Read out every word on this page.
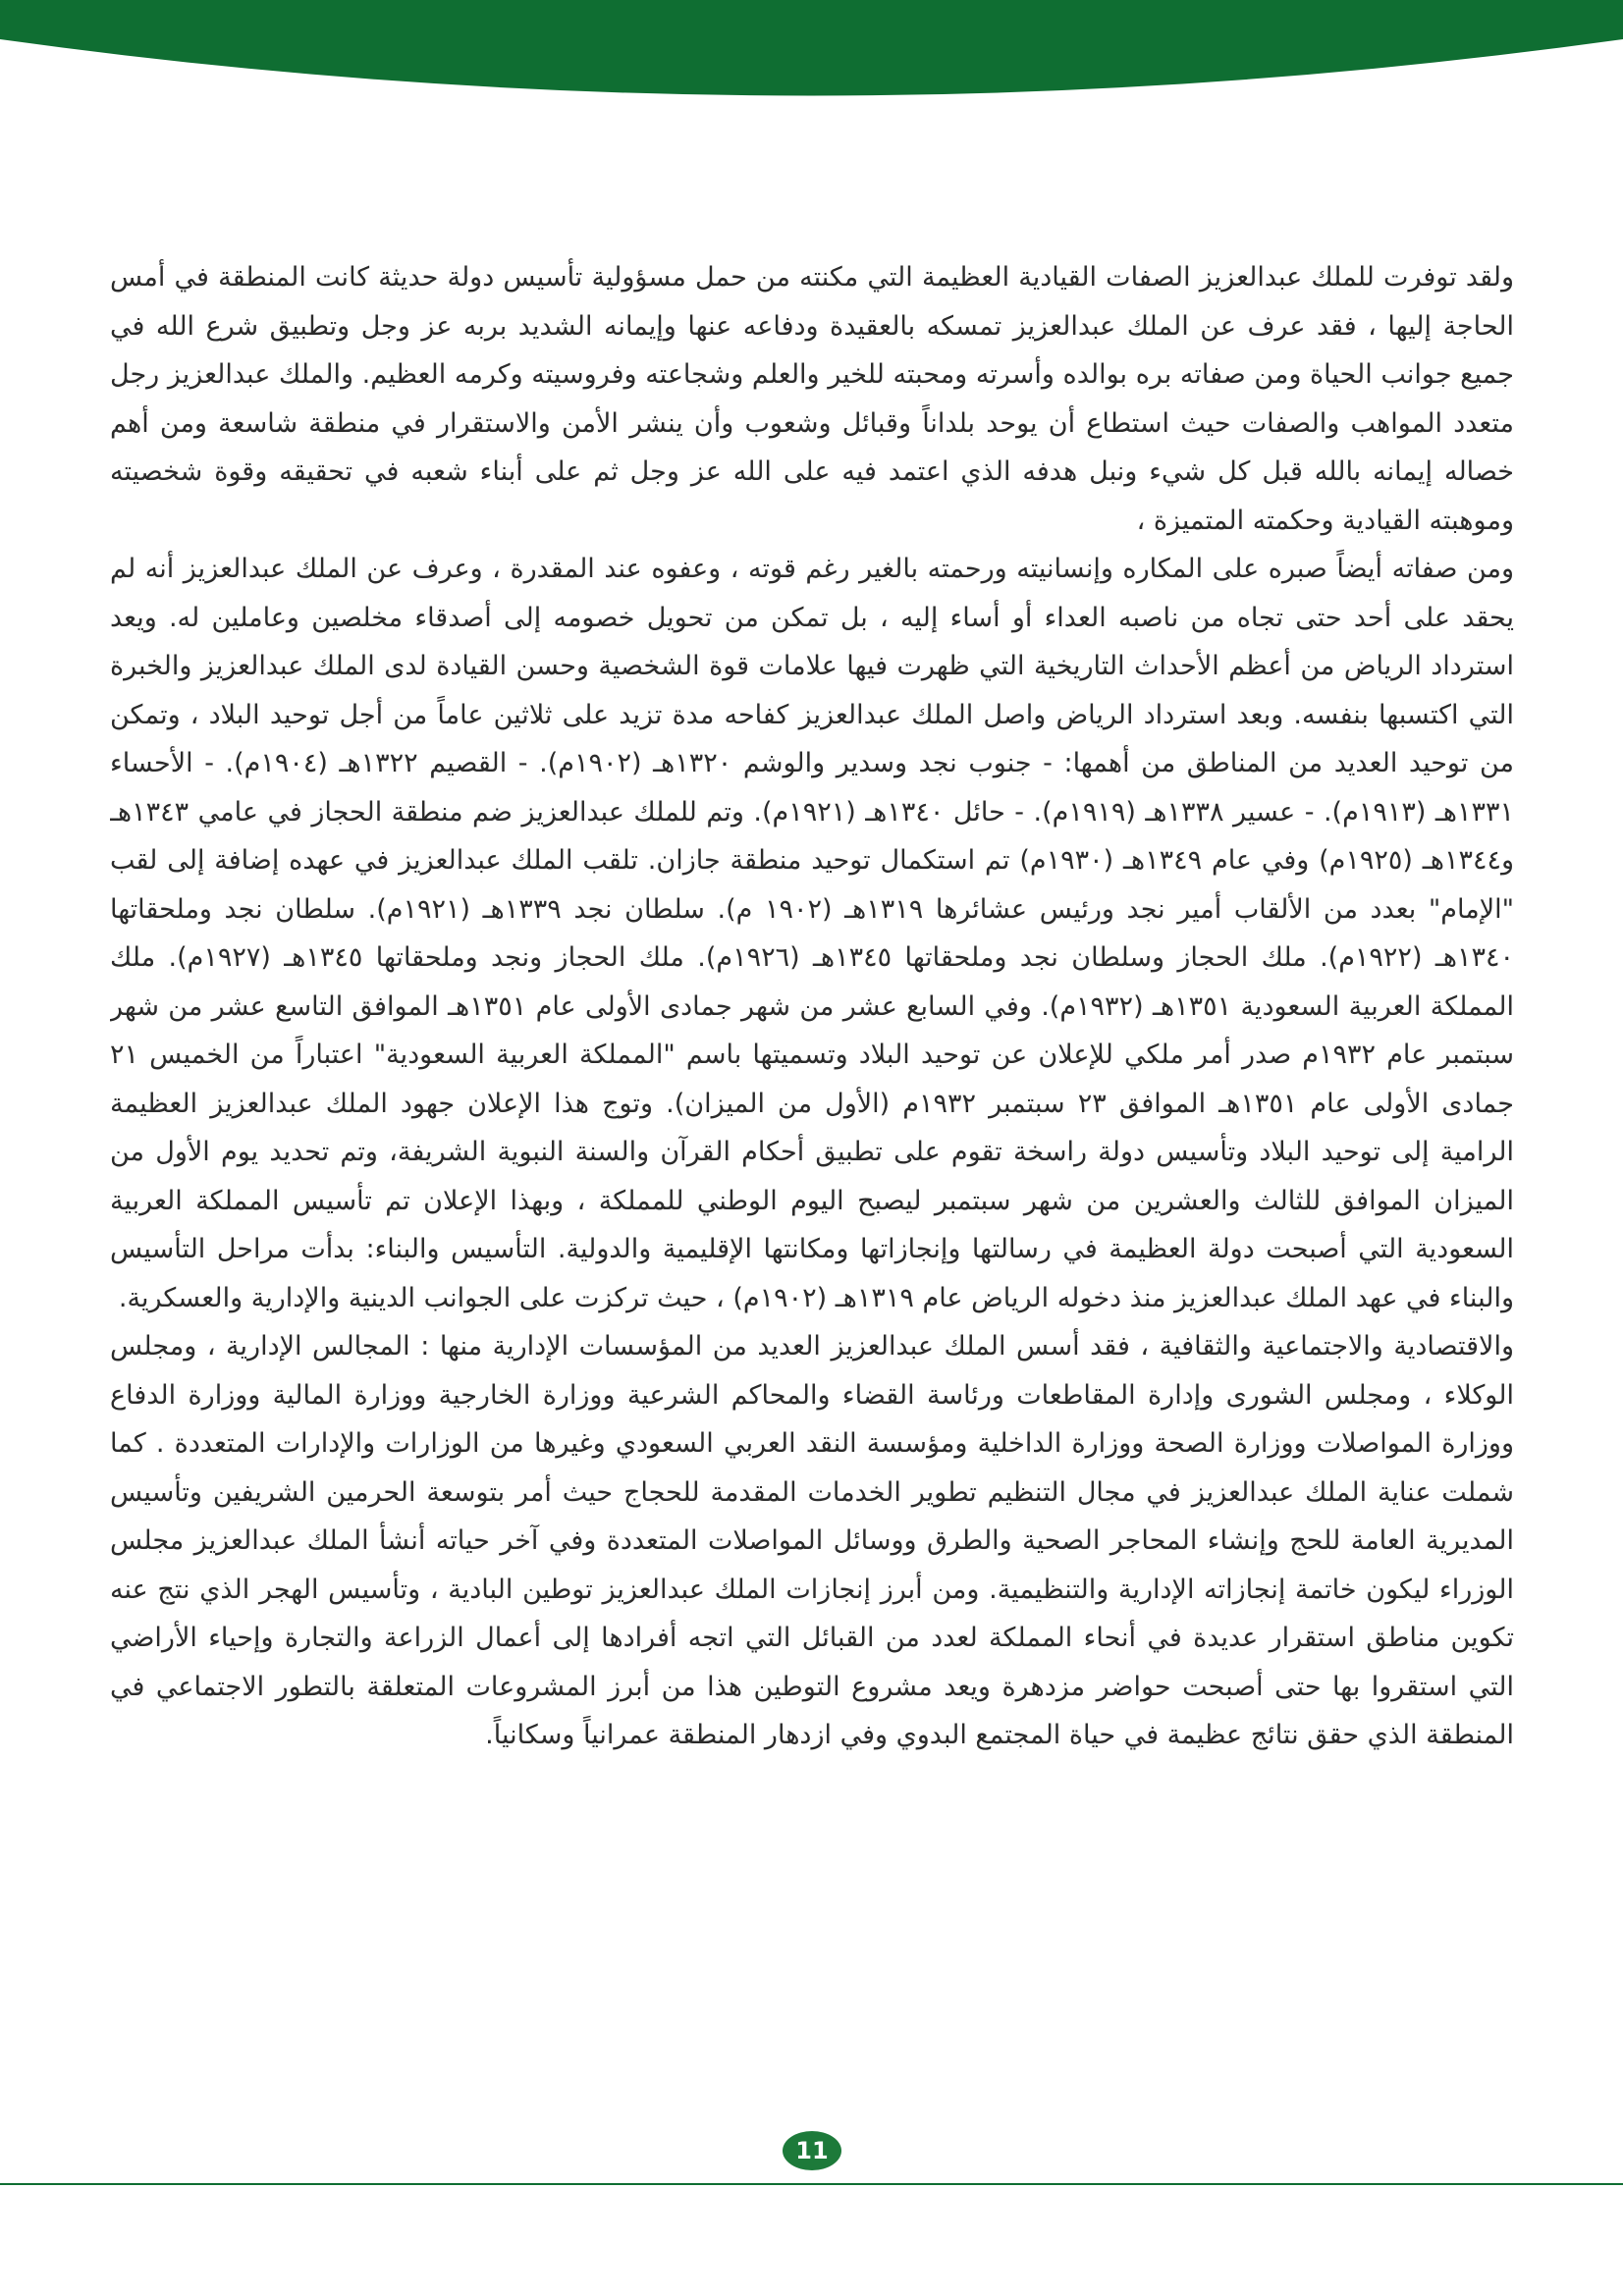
ولقد توفرت للملك عبدالعزيز الصفات القيادية العظيمة التي مكنته من حمل مسؤولية تأسيس دولة حديثة كانت المنطقة في أمس الحاجة إليها ، فقد عرف عن الملك عبدالعزيز تمسكه بالعقيدة ودفاعه عنها وإيمانه الشديد بربه عز وجل وتطبيق شرع الله في جميع جوانب الحياة ومن صفاته بره بوالده وأسرته ومحبته للخير والعلم وشجاعته وفروسيته وكرمه العظيم. والملك عبدالعزيز رجل متعدد المواهب والصفات حيث استطاع أن يوحد بلداناً وقبائل وشعوب وأن ينشر الأمن والاستقرار في منطقة شاسعة ومن أهم خصاله إيمانه بالله قبل كل شيء ونبل هدفه الذي اعتمد فيه على الله عز وجل ثم على أبناء شعبه في تحقيقه وقوة شخصيته وموهبته القيادية وحكمته المتميزة ،

ومن صفاته أيضاً صبره على المكاره وإنسانيته ورحمته بالغير رغم قوته ، وعفوه عند المقدرة ، وعرف عن الملك عبدالعزيز أنه لم يحقد على أحد حتى تجاه من ناصبه العداء أو أساء إليه ، بل تمكن من تحويل خصومه إلى أصدقاء مخلصين وعاملين له. ويعد استرداد الرياض من أعظم الأحداث التاريخية التي ظهرت فيها علامات قوة الشخصية وحسن القيادة لدى الملك عبدالعزيز والخبرة التي اكتسبها بنفسه. وبعد استرداد الرياض واصل الملك عبدالعزيز كفاحه مدة تزيد على ثلاثين عاماً من أجل توحيد البلاد ، وتمكن من توحيد العديد من المناطق من أهمها: - جنوب نجد وسدير والوشم ١٣٢٠هـ (١٩٠٢م). - القصيم ١٣٢٢هـ (١٩٠٤م). - الأحساء ١٣٣١هـ (١٩١٣م). - عسير ١٣٣٨هـ (١٩١٩م). - حائل ١٣٤٠هـ (١٩٢١م). وتم للملك عبدالعزيز ضم منطقة الحجاز في عامي ١٣٤٣هـ و١٣٤٤هـ (١٩٢٥م) وفي عام ١٣٤٩هـ (١٩٣٠م) تم استكمال توحيد منطقة جازان. تلقب الملك عبدالعزيز في عهده إضافة إلى لقب "الإمام" بعدد من الألقاب أمير نجد ورئيس عشائرها ١٣١٩هـ (١٩٠٢ م). سلطان نجد ١٣٣٩هـ (١٩٢١م). سلطان نجد وملحقاتها ١٣٤٠هـ (١٩٢٢م). ملك الحجاز وسلطان نجد وملحقاتها ١٣٤٥هـ (١٩٢٦م). ملك الحجاز ونجد وملحقاتها ١٣٤٥هـ (١٩٢٧م). ملك المملكة العربية السعودية ١٣٥١هـ (١٩٣٢م). وفي السابع عشر من شهر جمادى الأولى عام ١٣٥١هـ الموافق التاسع عشر من شهر سبتمبر عام ١٩٣٢م صدر أمر ملكي للإعلان عن توحيد البلاد وتسميتها باسم "المملكة العربية السعودية" اعتباراً من الخميس ٢١ جمادى الأولى عام ١٣٥١هـ الموافق ٢٣ سبتمبر ١٩٣٢م (الأول من الميزان). وتوج هذا الإعلان جهود الملك عبدالعزيز العظيمة الرامية إلى توحيد البلاد وتأسيس دولة راسخة تقوم على تطبيق أحكام القرآن والسنة النبوية الشريفة، وتم تحديد يوم الأول من الميزان الموافق للثالث والعشرين من شهر سبتمبر ليصبح اليوم الوطني للمملكة ، وبهذا الإعلان تم تأسيس المملكة العربية السعودية التي أصبحت دولة العظيمة في رسالتها وإنجازاتها ومكانتها الإقليمية والدولية. التأسيس والبناء: بدأت مراحل التأسيس والبناء في عهد الملك عبدالعزيز منذ دخوله الرياض عام ١٣١٩هـ (١٩٠٢م) ، حيث تركزت على الجوانب الدينية والإدارية والعسكرية.

والاقتصادية والاجتماعية والثقافية ، فقد أسس الملك عبدالعزيز العديد من المؤسسات الإدارية منها : المجالس الإدارية ، ومجلس الوكلاء ، ومجلس الشورى وإدارة المقاطعات ورئاسة القضاء والمحاكم الشرعية ووزارة الخارجية ووزارة المالية ووزارة الدفاع ووزارة المواصلات ووزارة الصحة ووزارة الداخلية ومؤسسة النقد العربي السعودي وغيرها من الوزارات والإدارات المتعددة . كما شملت عناية الملك عبدالعزيز في مجال التنظيم تطوير الخدمات المقدمة للحجاج حيث أمر بتوسعة الحرمين الشريفين وتأسيس المديرية العامة للحج وإنشاء المحاجر الصحية والطرق ووسائل المواصلات المتعددة وفي آخر حياته أنشأ الملك عبدالعزيز مجلس الوزراء ليكون خاتمة إنجازاته الإدارية والتنظيمية. ومن أبرز إنجازات الملك عبدالعزيز توطين البادية ، وتأسيس الهجر الذي نتج عنه تكوين مناطق استقرار عديدة في أنحاء المملكة لعدد من القبائل التي اتجه أفرادها إلى أعمال الزراعة والتجارة وإحياء الأراضي التي استقروا بها حتى أصبحت حواضر مزدهرة ويعد مشروع التوطين هذا من أبرز المشروعات المتعلقة بالتطور الاجتماعي في المنطقة الذي حقق نتائج عظيمة في حياة المجتمع البدوي وفي ازدهار المنطقة عمرانياً وسكانياً.

11
